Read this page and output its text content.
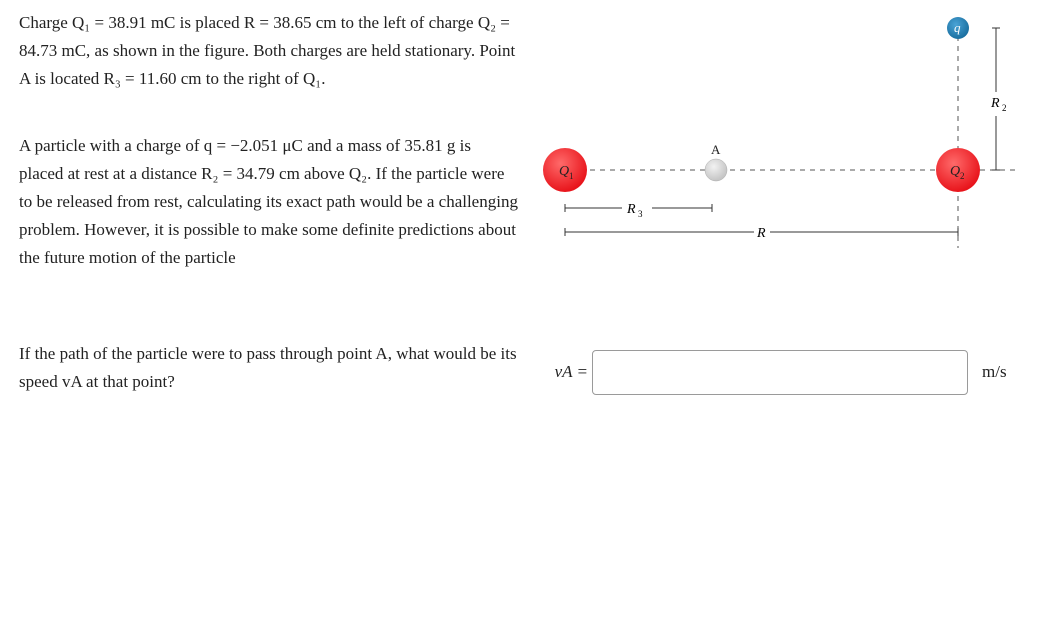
Charge Q₁ = 38.91 mC is placed R = 38.65 cm to the left of charge Q₂ = 84.73 mC, as shown in the figure. Both charges are held stationary. Point A is located R₃ = 11.60 cm to the right of Q₁.

A particle with a charge of q = −2.051 μC and a mass of 35.81 g is placed at rest at a distance R₂ = 34.79 cm above Q₂. If the particle were to be released from rest, calculating its exact path would be a challenging problem. However, it is possible to make some definite predictions about the future motion of the particle

If the path of the particle were to pass through point A, what would be its speed vA at that point?

R 3
R
R 2
Q 1
A
Q 2
q
vA =	m/s
